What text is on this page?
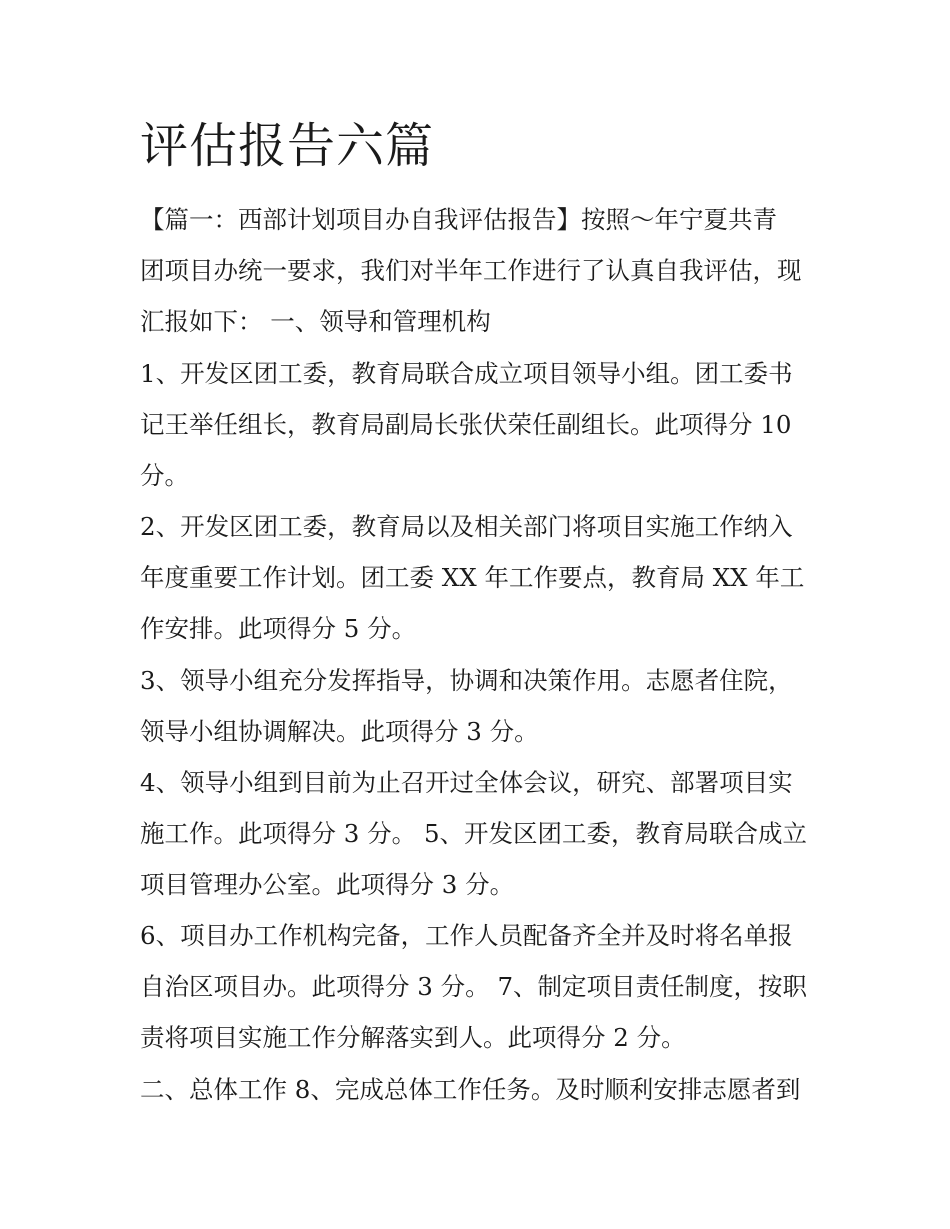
评估报告六篇

【篇一：西部计划项目办自我评估报告】按照～年宁夏共青

团项目办统一要求，我们对半年工作进行了认真自我评估，现

汇报如下： 一、领导和管理机构

1、开发区团工委，教育局联合成立项目领导小组。团工委书

记王举任组长，教育局副局长张伏荣任副组长。此项得分 10

分。

2、开发区团工委，教育局以及相关部门将项目实施工作纳入

年度重要工作计划。团工委 XX 年工作要点，教育局 XX 年工

作安排。此项得分 5 分。

3、领导小组充分发挥指导，协调和决策作用。志愿者住院，

领导小组协调解决。此项得分 3 分。

4、领导小组到目前为止召开过全体会议，研究、部署项目实

施工作。此项得分 3 分。 5、开发区团工委，教育局联合成立

项目管理办公室。此项得分 3 分。

6、项目办工作机构完备，工作人员配备齐全并及时将名单报

自治区项目办。此项得分 3 分。 7、制定项目责任制度，按职

责将项目实施工作分解落实到人。此项得分 2 分。

二、总体工作 8、完成总体工作任务。及时顺利安排志愿者到
